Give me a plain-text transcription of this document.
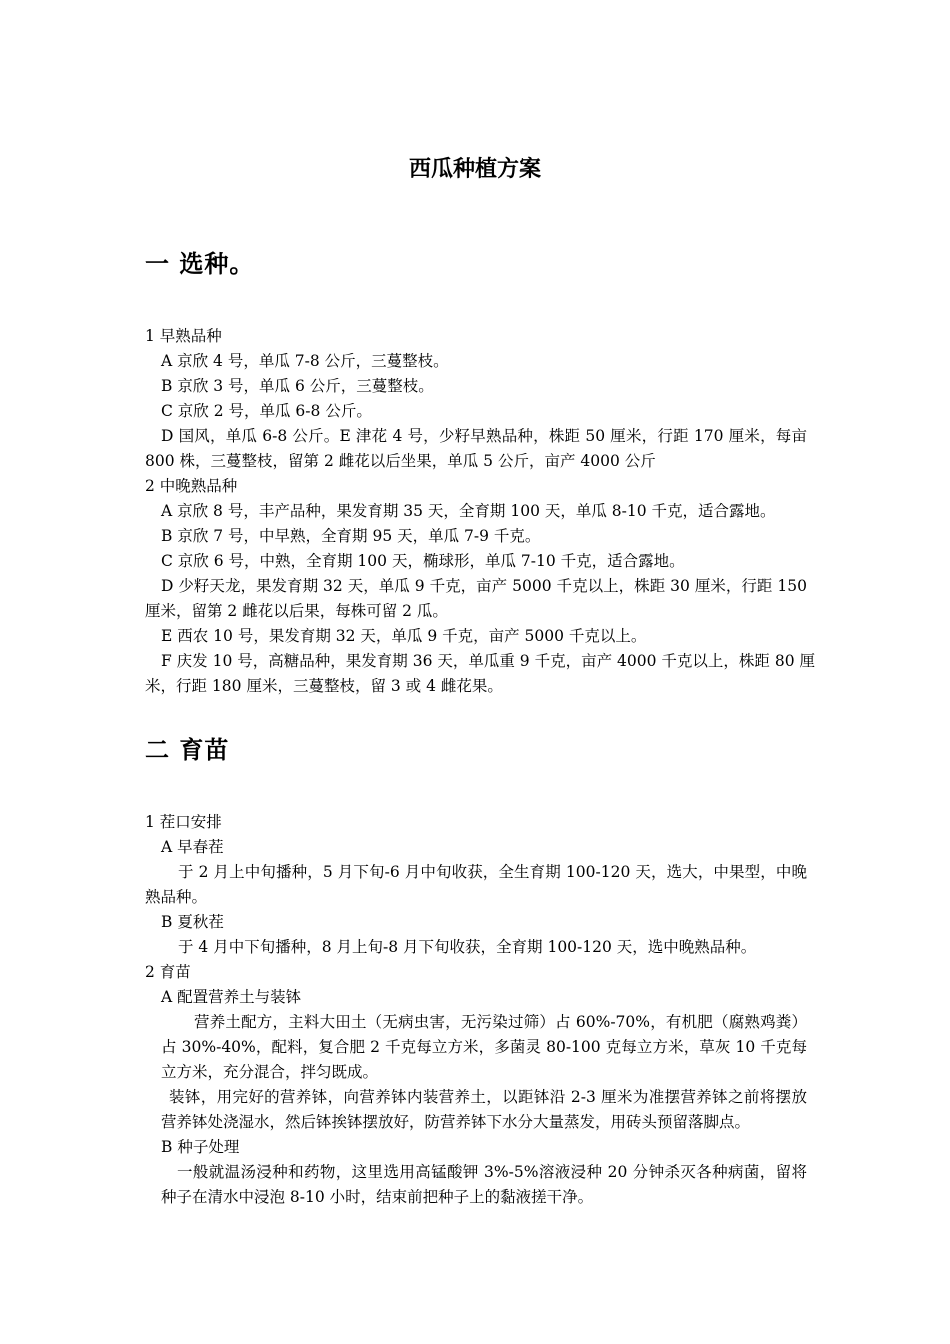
西瓜种植方案
一 选种。
1 早熟品种
A 京欣 4 号，单瓜 7-8 公斤，三蔓整枝。
B 京欣 3 号，单瓜 6 公斤，三蔓整枝。
C 京欣 2 号，单瓜 6-8 公斤。
D 国风，单瓜 6-8 公斤。E 津花 4 号，少籽早熟品种，株距 50 厘米，行距 170 厘米，每亩 800 株，三蔓整枝，留第 2 雌花以后坐果，单瓜 5 公斤，亩产 4000 公斤
2 中晚熟品种
A 京欣 8 号，丰产品种，果发育期 35 天，全育期 100 天，单瓜 8-10 千克，适合露地。
B 京欣 7 号，中早熟，全育期 95 天，单瓜 7-9 千克。
C 京欣 6 号，中熟，全育期 100 天，椭球形，单瓜 7-10 千克，适合露地。
D 少籽天龙，果发育期 32 天，单瓜 9 千克，亩产 5000 千克以上，株距 30 厘米，行距 150 厘米，留第 2 雌花以后果，每株可留 2 瓜。
E 西农 10 号，果发育期 32 天，单瓜 9 千克，亩产 5000 千克以上。
F 庆发 10 号，高糖品种，果发育期 36 天，单瓜重 9 千克，亩产 4000 千克以上，株距 80 厘米，行距 180 厘米，三蔓整枝，留 3 或 4 雌花果。
二 育苗
1 茬口安排
A 早春茬
于 2 月上中旬播种，5 月下旬-6 月中旬收获，全生育期 100-120 天，选大，中果型，中晚熟品种。
B 夏秋茬
于 4 月中下旬播种，8 月上旬-8 月下旬收获，全育期 100-120 天，选中晚熟品种。
2 育苗
A 配置营养土与装钵
营养土配方，主料大田土（无病虫害，无污染过筛）占 60%-70%，有机肥（腐熟鸡粪）占 30%-40%，配料，复合肥 2 千克每立方米，多菌灵 80-100 克每立方米，草灰 10 千克每立方米，充分混合，拌匀既成。
装钵，用完好的营养钵，向营养钵内装营养土，以距钵沿 2-3 厘米为准摆营养钵之前将摆放营养钵处浇湿水，然后钵挨钵摆放好，防营养钵下水分大量蒸发，用砖头预留落脚点。
B 种子处理
一般就温汤浸种和药物，这里选用高锰酸钾 3%-5%溶液浸种 20 分钟杀灭各种病菌，留将种子在清水中浸泡 8-10 小时，结束前把种子上的黏液搓干净。
